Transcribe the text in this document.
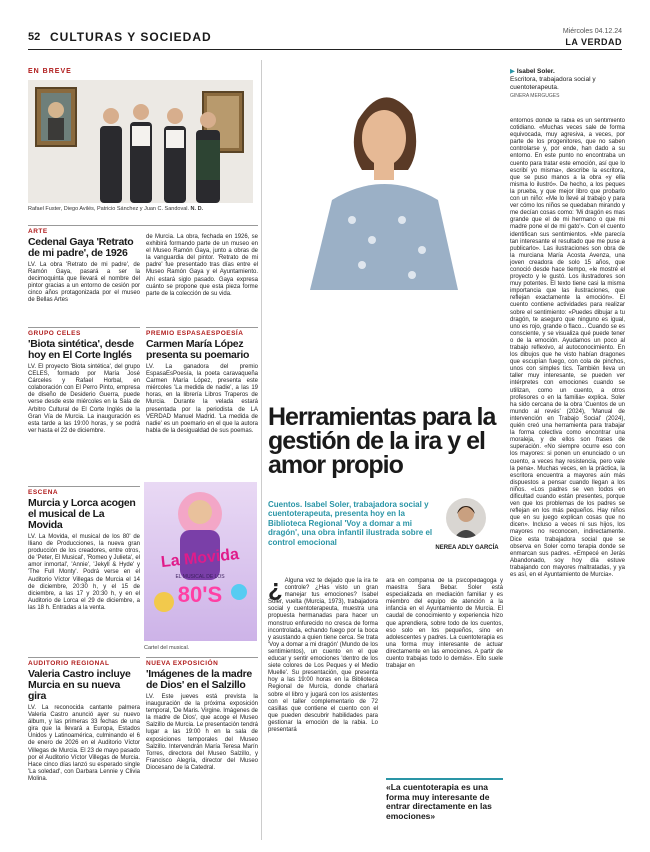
52 CULTURAS Y SOCIEDAD	Miércoles 04.12.24
LA VERDAD
EN BREVE
Rafael Fuster, Diego Avilés, Patricio Sánchez y Juan C. Sandoval. N. D.
ARTE
Cedenal Gaya 'Retrato de mi padre', de 1926
LV. La obra 'Retrato de mi padre', de Ramón Gaya, pasará a ser la decimoquinta que llevará el nombre del pintor gracias a un entorno de cesión por cinco años protagonizada por el museo de Bellas Artes
de Murcia. La obra, fechada en 1926, se exhibirá formando parte de un museo en el Museo Ramón Gaya, junto a obras de la vanguardia del pintor. 'Retrato de mi padre' fue presentado tras días entre el Museo Ramón Gaya y el Ayuntamiento. Ahí estará siglo pasado. Gaya expresa cuánto se propone que esta pieza forme parte de la colección de su vida.
GRUPO CELES
'Biota sintética', desde hoy en El Corte Inglés
LV. El proyecto 'Biota sintética', del grupo CELES, formado por María José Cárceles y Rafael Horbal, en colaboración con El Perro Pinto, empresa de diseño de Desiderio Guerra, puede verse desde este miércoles en la Sala de Arbitro Cultural de El Corte Inglés de la Gran Vía de Murcia. La inauguración es esta tarde a las 19:00 horas, y se podrá ver hasta el 22 de diciembre.
PREMIO ESPASAESPOESÍA
Carmen María López presenta su poemario
LV. La ganadora del premio EspasaEsPoesía, la poeta caravaqueña Carmen María López, presenta este miércoles 'La medida de nadie', a las 19 horas, en la librería Libros Traperos de Murcia. Durante la velada estará presentada por la periodista de LA VERDAD Manuel Madrid. 'La medida de nadie' es un poemario en el que la autora habla de la desigualdad de sus poemas.
ESCENA
Murcia y Lorca acogen el musical de La Movida
LV. La Movida, el musical de los 80' de Iliano de Producciones, la nueva gran producción de los creadores, entre otros, de 'Peter, El Musical', 'Romeo y Julieta', el amor inmortal', 'Annie', 'Jekyll & Hyde' y 'The Full Monty'. Podrá verse en el Auditorio Víctor Villegas de Murcia el 14 de diciembre, 20:30 h, y el 15 de diciembre, a las 17 y 20:30 h, y en el Auditorio de Lorca el 29 de diciembre, a las 18 h. Entradas a la venta.
La Movida
EL MUSICAL DE LOS
80'S
Cartel del musical.
AUDITORIO REGIONAL
Valeria Castro incluye Murcia en su nueva gira
LV. La reconocida cantante palmera Valeria Castro anunció ayer su nuevo álbum, y las primeras 33 fechas de una gira que la llevará a Europa, Estados Unidos y Latinoamérica, culminando el 6 de enero de 2026 en el Auditorio Víctor Villegas de Murcia. El 23 de mayo pasado por el Auditorio Víctor Villegas de Murcia. Hace cinco días lanzó su esperado single 'La soledad', con Darbara Lennie y Clivia Molina.
NUEVA EXPOSICIÓN
'Imágenes de la madre de Dios' en el Salzillo
LV. Este jueves está prevista la inauguración de la próxima exposición temporal, 'De Maris. Virgine. Imágenes de la madre de Dios', que acoge el Museo Salzillo de Murcia. Le presentación tendrá lugar a las 19:00 h en la sala de exposiciones temporales del Museo Salzillo. Intervendrán María Teresa Marín Torres, directora del Museo Salzillo, y Francisco Alegría, director del Museo Diocesano de la Catedral.
▶ Isabel Soler.
Escritora, trabajadora social y cuentoterapeuta.
GINERA MERGUGES
Herramientas para la gestión de la ira y el amor propio
Cuentos. Isabel Soler, trabajadora social y cuentoterapeuta, presenta hoy en la Biblioteca Regional 'Voy a domar a mi dragón', una obra infantil ilustrada sobre el control emocional
NEREA ADLY GARCÍA
¿ Alguna vez te dejado que la ira te controle? ¿Has visto un gran manejar tus emociones? Isabel Soler, vuelta (Murcia, 1973), trabajadora social y cuentoterapeuta, muestra una propuesta hermanadas para hacer un monstruo enfurecido no cresca de forma incontrolada, echando fuego por la boca y asustando a quien tiene cerca. Se trata 'Voy a domar a mi dragón' (Mundo de los sentimientos), un cuento en el que educar y sentir emociones 'dentro de los siete colores de Los Peques y el Medio Muelle'. Su presentación, que presenta hoy a las 19:00 horas en la Biblioteca Regional de Murcia, donde charlará sobre el libro y jugará con los asistentes con el taller complementario de 72 casillas que contiene el cuento con el que pueden descubrir habilidades para gestionar la emoción de la rabia. Lo presentará
ará en compañía de la psicopedagoga y maestra Sara Bebar. Soler está especializada en mediación familiar y es miembro del equipo de atención a la infancia en el Ayuntamiento de Murcia. El caudal de conocimiento y experiencia hizo que aprendiera, sobre todo de los cuentos, eso solo en los pequeños, sino en adolescentes y padres. La cuentoterapia es una forma muy interesante de actuar directamente en las emociones. A partir de cuento trabajas todo lo demás». Ello suele trabajar en
«La cuentoterapia es una forma muy interesante de entrar directamente en las emociones»
entornos donde la rabia es un sentimiento cotidiano. «Muchas veces sale de forma equivocada, muy agresiva, a veces, por parte de los progenitores, que no saben controlarse y, por ende, han dado a su entorno. En este punto no encontraba un cuento para tratar este emoción, así que lo escribí yo misma», describe la escritora, que se puso manos a la obra «y ella misma lo ilustró». De hecho, a los peques la prueba, y que mejor libro que probarlo con un niño: «Me lo llevé al trabajo y para ver cómo los niños se quedaban mirando y me decían cosas como: 'Mi dragón es mas grande que el de mi hermano o que mi madre pone el de mi gato'». Con el cuento identifican sus sentimientos. «Me parecía tan interesante el resultado que me puse a publicarlo». Las ilustraciones son obra de la murciana María Acosta Avenza, una joven creadora de solo 15 años, que conoció desde hace tiempo, «le mostré el proyecto y le gustó. Los ilustradores son muy potentes. El texto tiene casi la misma importancia que las ilustraciones, que reflejan exactamente la emoción». El cuento contiene actividades para realizar sobre el sentimiento: «Puedes dibujar a tu dragón, te aseguro que ninguno es igual, uno es rojo, grande o flaco... Cuando se es consciente, y se visualiza qué puede tener o de la emoción. Ayudamos un poco al trabajo reflexivo, al autoconocimiento. En los dibujos que he visto habían dragones que escupían fuego, con cola de pinchos, unos con simples tics. También lleva un taller muy interesante, se pueden ver intérpretes con emociones cuando se utilizan, como un cuento, a otros profesores o en la familia» explica. Soler ha sido cercana de la obra 'Cuentos de un mundo al revés' (2024), 'Manual de intervención en Trabajo Social' (2024), quién creó una herramienta para trabajar la forma colectiva como encontrar una moraleja, y de ellos son frases de superación. «No siempre ocurre eso con los mayores: si ponen un enunciado o un cuento, a veces hay resistencia, pero vale la pena». Muchas veces, en la práctica, la escritora encuentra a mayores aún más dispuestos a pensar cuando llegan a los niños. «Los padres se ven todos en dificultad cuando están presentes, porque ven que los problemas de los padres se reflejan en los más pequeños. Hay niños que en su juego explican cosas que no dicen». Incluso a veces ni sus hijos, los mayores no reconocen, indirectamente. Dice esta trabajadora social que se observa en Soler como terapia donde se enmarcan sus padres. «Empecé en Jerás Abandonado, soy hoy día estuve trabajando con mayores maltratadas, y ya es así, en el Ayuntamiento de Murcia».
